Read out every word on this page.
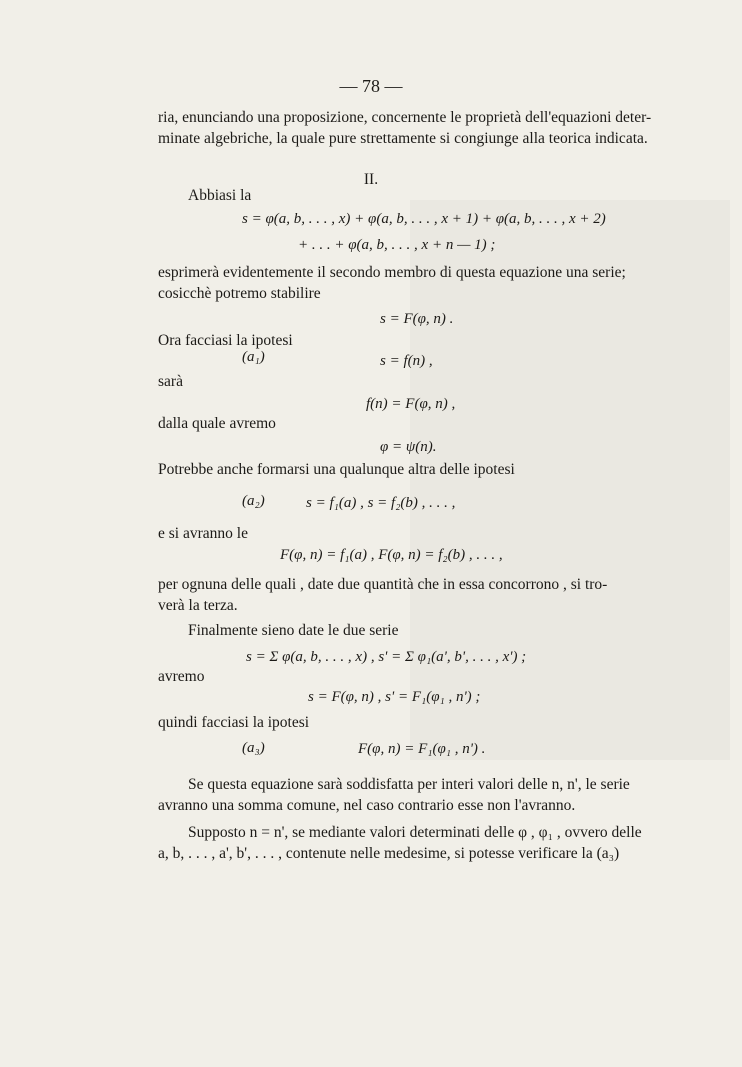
— 78 —
ria, enunciando una proposizione, concernente le proprietà dell'equazioni deter-
minate algebriche, la quale pure strettamente si congiunge alla teorica indicata.
II.
Abbiasi la
s = φ(a, b, . . . , x) + φ(a, b, . . . , x + 1) + φ(a, b, . . . , x + 2)
+ . . . + φ(a, b, . . . , x + n — 1) ;
esprimerà evidentemente il secondo membro di questa equazione una serie;
cosicchè potremo stabilire
s = F(φ, n) .
Ora facciasi la ipotesi
(a₁)	s = f(n) ,
sarà
f(n) = F(φ, n) ,
dalla quale avremo
φ = ψ(n).
Potrebbe anche formarsi una qualunque altra delle ipotesi
(a₂)	s = f₁(a) , s = f₂(b) , . . . ,
e si avranno le
F(φ, n) = f₁(a) , F(φ, n) = f₂(b) , . . . ,
per ognuna delle quali , date due quantità che in essa concorrono , si tro-
verà la terza.
Finalmente sieno date le due serie
s = Σ φ(a, b, . . . , x) , s' = Σ φ₁(a', b', . . . , x') ;
avremo
s = F(φ, n) , s' = F₁(φ₁ , n') ;
quindi facciasi la ipotesi
(a₃)	F(φ, n) = F₁(φ₁ , n') .
Se questa equazione sarà soddisfatta per interi valori delle n, n', le serie
avranno una somma comune, nel caso contrario esse non l'avranno.
Supposto n = n', se mediante valori determinati delle φ , φ₁ , ovvero delle
a, b, . . . , a', b', . . . , contenute nelle medesime, si potesse verificare la (a₃)
